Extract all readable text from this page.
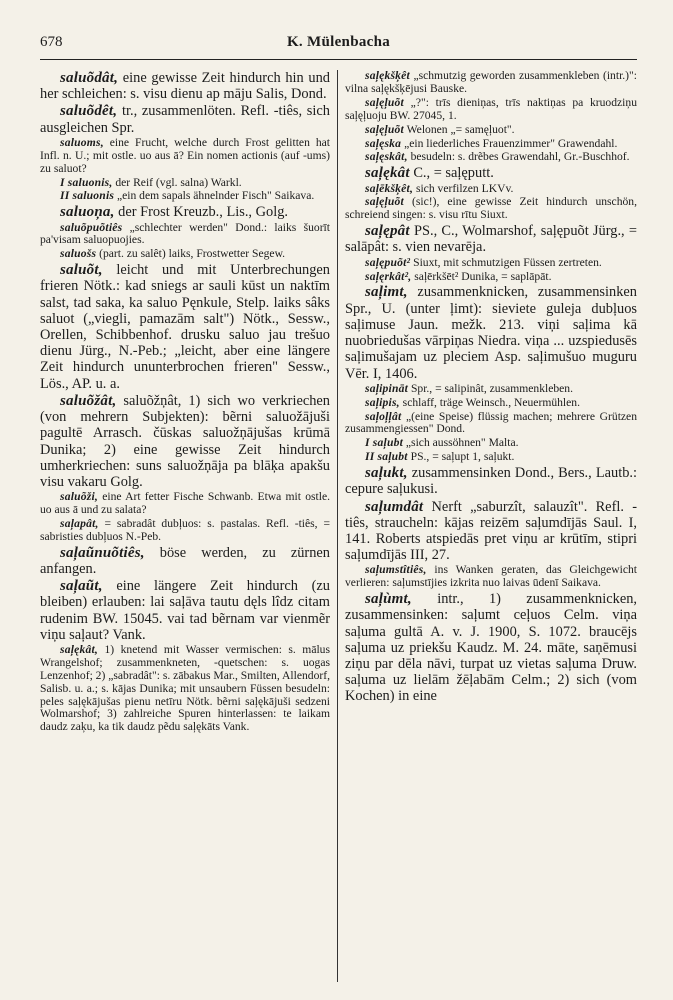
678	K. Mülenbacha

saluõdât, eine gewisse Zeit hindurch hin und her schleichen: s. visu dienu ap māju Salis, Dond.

saluõdêt, tr., zusammenlöten. Refl. -tiês, sich ausgleichen Spr.

saluoms, eine Frucht, welche durch Frost gelitten hat Infl. n. U.; mit ostle. uo aus ā? Ein nomen actionis (auf -ums) zu saluot?

I saluonis, der Reif (vgl. salna) Warkl.

II saluonis „ein dem sapals ähnelnder Fisch" Saikava.

saluoņa, der Frost Kreuzb., Lis., Golg.

saluõpuõtiês „schlechter werden" Dond.: laiks šuorīt pa'visam saluopuojies.

saluošs (part. zu salêt) laiks, Frostwetter Segew.

saluõt, leicht und mit Unterbrechungen frieren Nötk.: kad sniegs ar sauli kūst un naktīm salst, tad saka, ka saluo Pęnkule, Stelp. laiks sâks saluot („viegli, pamazām salt") Nötk., Sessw., Orellen, Schibbenhof. drusku saluo jau trešuo dienu Jürg., N.-Peb.; „leicht, aber eine längere Zeit hindurch ununterbrochen frieren" Sessw., Lös., AP. u. a.

saluõžât, saluõžņât, 1) sich wo verkriechen (von mehrern Subjekten): bẽrni saluožājuši pagultē Arrasch. čūskas saluožņājušas krūmā Dunika; 2) eine gewisse Zeit hindurch umherkriechen: suns saluožņāja pa blāķa apakšu visu vakaru Golg.

saluõži, eine Art fetter Fische Schwanb. Etwa mit ostle. uo aus ā und zu salata?

saļapât, = sabradât dubļuos: s. pastalas. Refl. -tiês, = sabristies dubļuos N.-Peb.

saļaũnuõtiês, böse werden, zu zürnen anfangen.

saļaũt, eine längere Zeit hindurch (zu bleiben) erlauben: lai saļāva tautu dęls lîdz citam rudenim BW. 15045. vai tad bẽrnam var vienmẽr viņu saļaut? Vank.

saļękât, 1) knetend mit Wasser vermischen: s. mālus Wrangelshof; zusammenkneten, -quetschen: s. uogas Lenzenhof; 2) „sabradât": s. zābakus Mar., Smilten, Allendorf, Salisb. u. a.; s. kājas Dunika; mit unsaubern Füssen besudeln: peles saļękājušas pienu netīru Nötk. bẽrni saļękājuši sedzeni Wolmarshof; 3) zahlreiche Spuren hinterlassen: te laikam daudz zaķu, ka tik daudz pẽdu saļękāts Vank.

saļękšķêt „schmutzig geworden zusammenkleben (intr.)": vilna saļękšķējusi Bauske.

saļęļuõt „?": trīs dieniņas, trīs naktiņas pa kruodziņu saļęļuoju BW. 27045, 1.

saļęļuõt Welonen „= samęļuot".

saļęska „ein liederliches Frauenzimmer" Grawendahl.

saļęskât, besudeln: s. drẽbes Grawendahl, Gr.-Buschhof.

saļękât C., = saļęputt.

saļēkšķêt, sich verfilzen LKVv.

saļęļuõt (sic!), eine gewisse Zeit hindurch unschön, schreiend singen: s. visu rītu Siuxt.

saļępât PS., C., Wolmarshof, saļępuõt Jürg., = salāpât: s. vien nevarēja.

saļępuõt² Siuxt, mit schmutzigen Füssen zertreten.

saļęrkât², saļērkšēt² Dunika, = saplāpāt.

saļimt, zusammenknicken, zusammensinken Spr., U. (unter ļimt): sieviete guleja dubļuos saļimuse Jaun. mežk. 213. viņi saļima kā nuobriedušas vārpiņas Niedra. viņa ... uzspiedusēs saļimušajam uz pleciem Asp. saļimušuo muguru Vēr. I, 1406.

saļipināt Spr., = salipinât, zusammenkleben.

saļipis, schlaff, träge Weinsch., Neuermühlen.

saļoļļât „(eine Speise) flüssig machen; mehrere Grützen zusammengiessen" Dond.

I saļubt „sich aussöhnen" Malta.

II saļubt PS., = saļupt 1, saļukt.

saļukt, zusammensinken Dond., Bers., Lautb.: cepure saļukusi.

saļumdât Nerft „saburzît, salauzît". Refl. -tiês, straucheln: kājas reizēm saļumdījās Saul. I, 141. Roberts atspiedās pret viņu ar krūtīm, stipri saļumdījās III, 27.

saļumstîtiês, ins Wanken geraten, das Gleichgewicht verlieren: saļumstījies izkrita nuo laivas ūdenī Saikava.

saļùmt, intr., 1) zusammenknicken, zusammensinken: saļumt ceļuos Celm. viņa saļuma gultā A. v. J. 1900, S. 1072. braucējs saļuma uz priekšu Kaudz. M. 24. māte, saņēmusi ziņu par dēla nāvi, turpat uz vietas saļuma Druw. saļuma uz lielām žēļabām Celm.; 2) sich (vom Kochen) in eine
